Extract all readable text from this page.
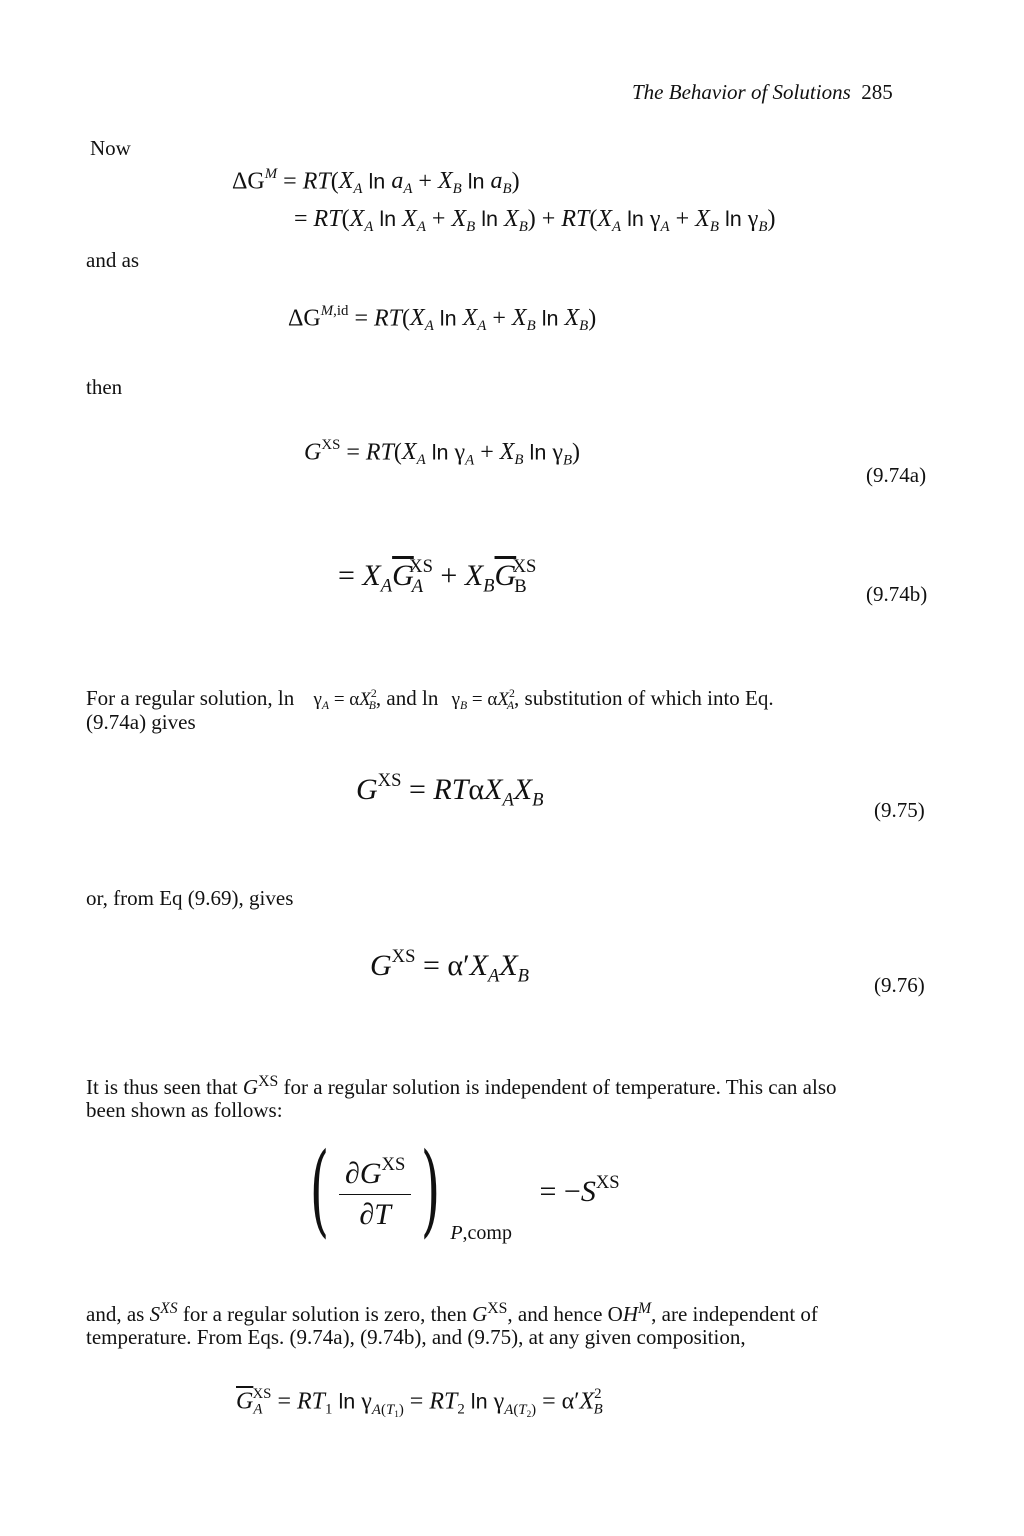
The Behavior of Solutions 285
Now
$\Delta G^M = RT(X_A$ $\ln a_A + X_B$ $\ln a_B$)
= $RT(X_A$ $\ln X_A + X_B$ $\ln X_B) + RT(X_A$ $\ln \gamma_A + X_B$ $\ln \gamma_B$)
and as
$\Delta G^{M,id} = RT(X_A$ $\ln X_A + X_B$ $\ln X_B$)
then
$G^{XS} = RT(X_A$ $\ln \gamma_A + X_B$ $\ln \gamma_B$)
(9.74a)
= $X_A\overline{G}_A^{XS} + X_B\overline{G}_B^{XS}$
(9.74b)
For a regular solution, $\ln \gamma_A = \alpha X^2_B$, and $\ln \gamma_B = \alpha X^2_A$, substitution of which into Eq.
(9.74a) gives
$G^{XS} = RT\alpha X_AX_B$	(9.75)
or, from Eq (9.69), gives
$G^{XS} = \alpha'X_AX_B$	(9.76)
It is thus seen that $G^{XS}$ for a regular solution is independent of temperature. This can also
been shown as follows:
( $\frac{\partial G^{XS}}{\partial T}$ ) P,comp = $-S^{XS}$
and, as $S^{XS}$ for a regular solution is zero, then $G^{XS}$, and hence $OH^M$, are independent of
temperature. From Eqs. (9.74a), (9.74b), and (9.75), at any given composition,
$\overline{G}_A^{XS} = RT_1$ $\ln \gamma_{A(T_1)} = RT_2$ $\ln \gamma_{A(T_2)} = \alpha'X^2_B$
